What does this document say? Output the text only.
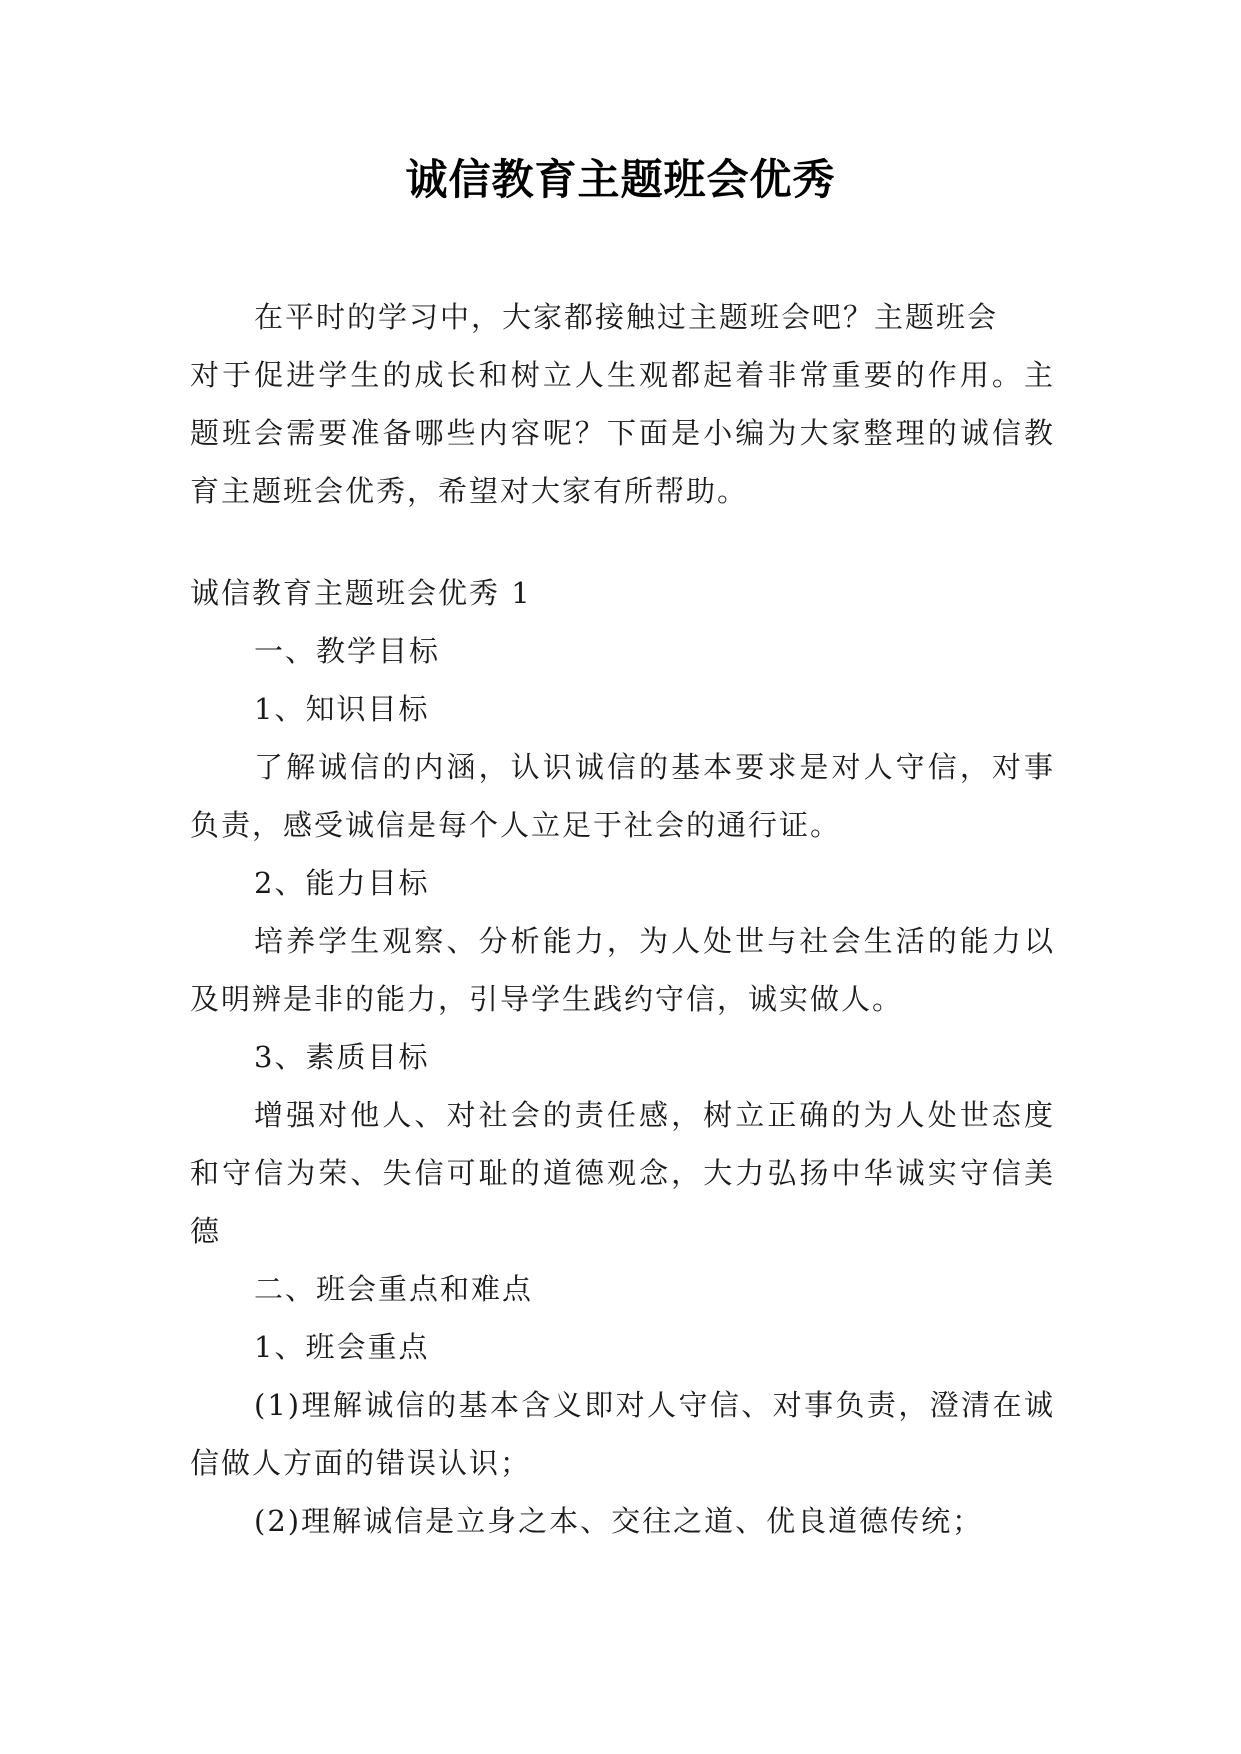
诚信教育主题班会优秀

在平时的学习中，大家都接触过主题班会吧？主题班会
对于促进学生的成长和树立人生观都起着非常重要的作用。主题班会需要准备哪些内容呢？下面是小编为大家整理的诚信教育主题班会优秀，希望对大家有所帮助。

诚信教育主题班会优秀 1

一、教学目标

1、知识目标

了解诚信的内涵，认识诚信的基本要求是对人守信，对事负责，感受诚信是每个人立足于社会的通行证。

2、能力目标

培养学生观察、分析能力，为人处世与社会生活的能力以及明辨是非的能力，引导学生践约守信，诚实做人。

3、素质目标

增强对他人、对社会的责任感，树立正确的为人处世态度和守信为荣、失信可耻的道德观念，大力弘扬中华诚实守信美德

二、班会重点和难点

1、班会重点

(1)理解诚信的基本含义即对人守信、对事负责，澄清在诚信做人方面的错误认识；

(2)理解诚信是立身之本、交往之道、优良道德传统；
